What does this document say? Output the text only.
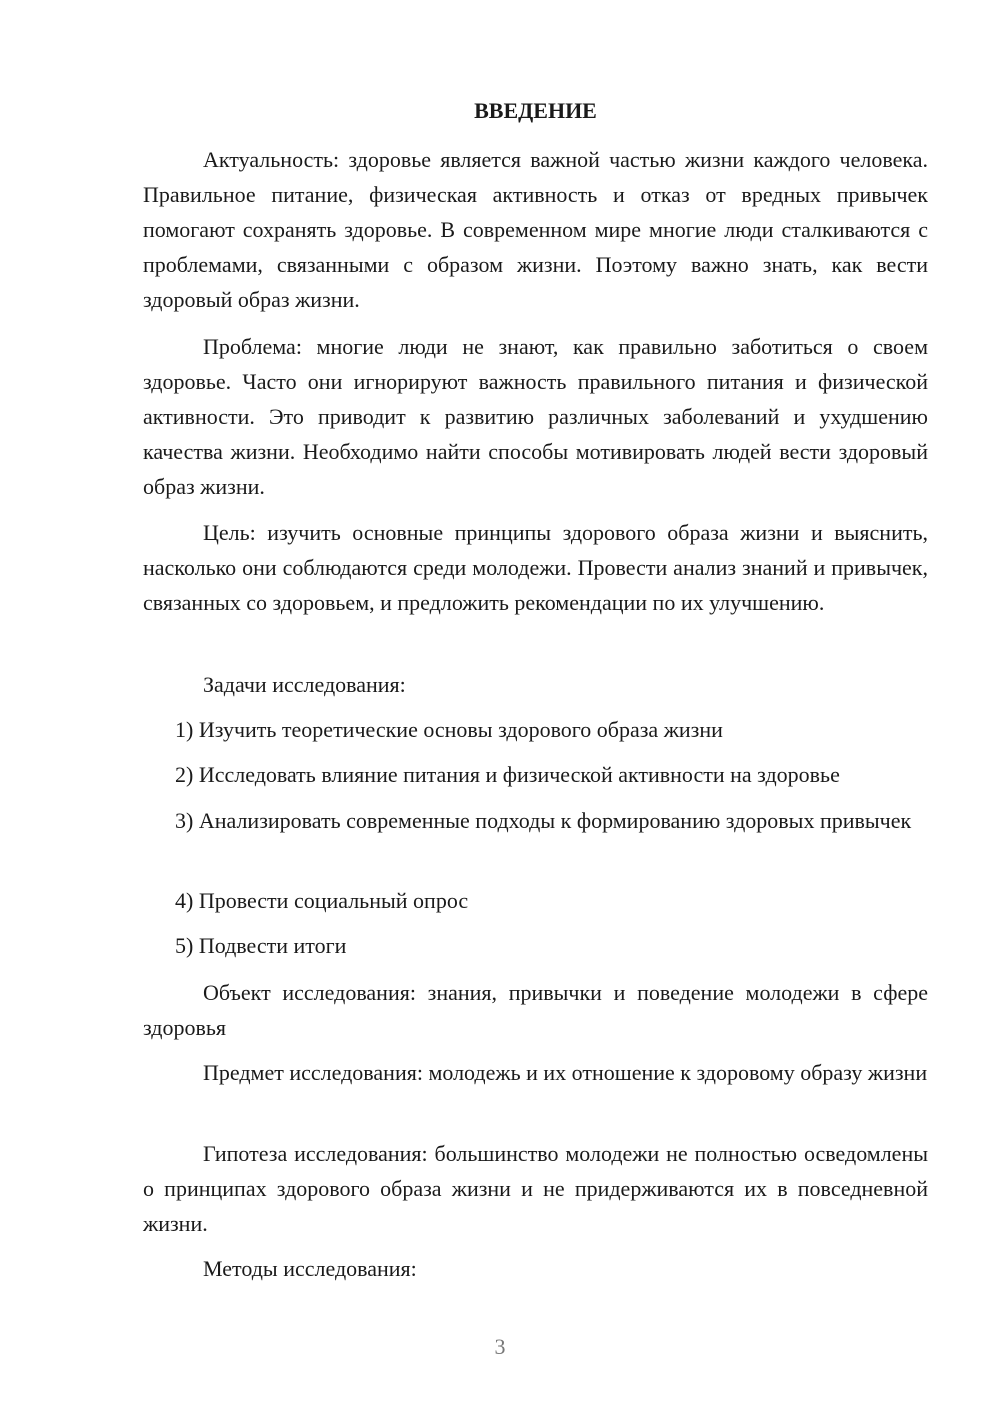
ВВЕДЕНИЕ

Актуальность: здоровье является важной частью жизни каждого человека. Правильное питание, физическая активность и отказ от вредных привычек помогают сохранять здоровье. В современном мире многие люди сталкиваются с проблемами, связанными с образом жизни. Поэтому важно знать, как вести здоровый образ жизни.

Проблема: многие люди не знают, как правильно заботиться о своем здоровье. Часто они игнорируют важность правильного питания и физической активности. Это приводит к развитию различных заболеваний и ухудшению качества жизни. Необходимо найти способы мотивировать людей вести здоровый образ жизни.

Цель: изучить основные принципы здорового образа жизни и выяснить, насколько они соблюдаются среди молодежи. Провести анализ знаний и привычек, связанных со здоровьем, и предложить рекомендации по их улучшению.

Задачи исследования:

1) Изучить теоретические основы здорового образа жизни

2) Исследовать влияние питания и физической активности на здоровье

3) Анализировать современные подходы к формированию здоровых привычек

4) Провести социальный опрос

5) Подвести итоги

Объект исследования: знания, привычки и поведение молодежи в сфере здоровья

Предмет исследования: молодежь и их отношение к здоровому образу жизни

Гипотеза исследования: большинство молодежи не полностью осведомлены о принципах здорового образа жизни и не придерживаются их в повседневной жизни.

Методы исследования:

3
